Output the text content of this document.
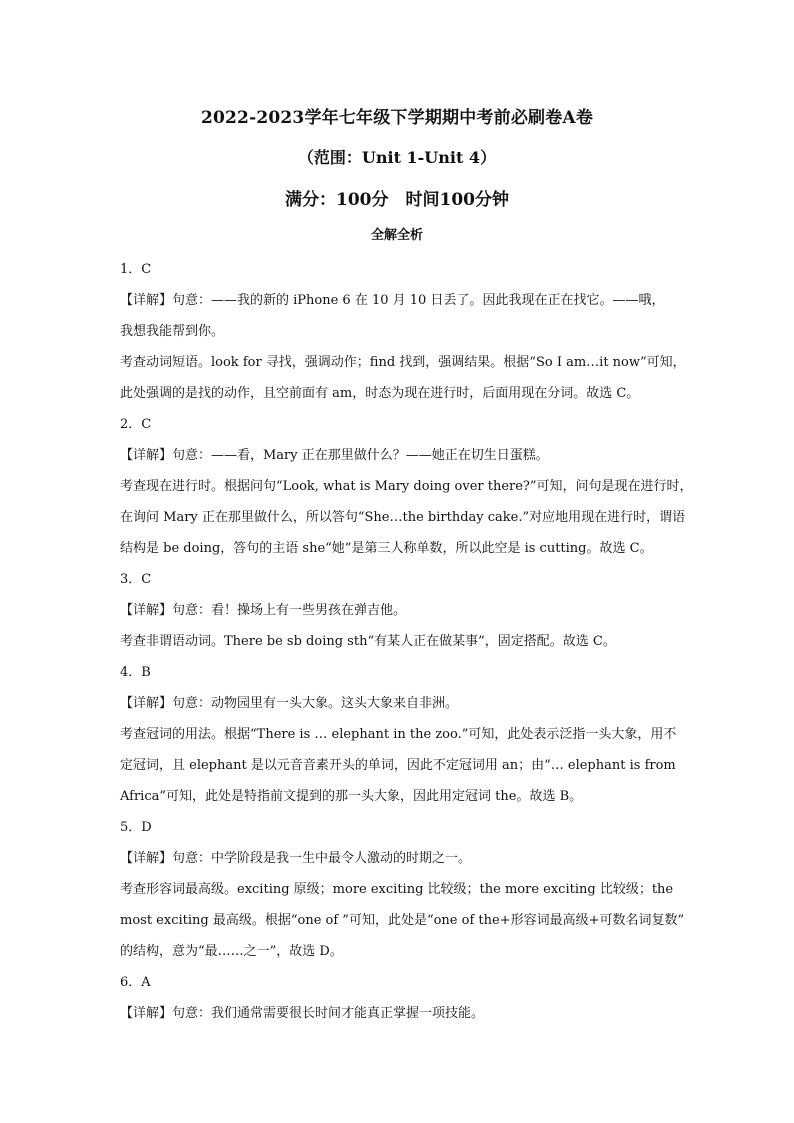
2022-2023学年七年级下学期期中考前必刷卷A卷
（范围：Unit 1-Unit 4）
满分：100分　时间100分钟
全解全析
1．C
【详解】句意：——我的新的 iPhone 6 在 10 月 10 日丢了。因此我现在正在找它。——哦，
我想我能帮到你。
考查动词短语。look for 寻找，强调动作；find 找到，强调结果。根据“So I am…it now”可知，
此处强调的是找的动作，且空前面有 am，时态为现在进行时，后面用现在分词。故选 C。
2．C
【详解】句意：——看，Mary 正在那里做什么？——她正在切生日蛋糕。
考查现在进行时。根据问句“Look, what is Mary doing over there?”可知，问句是现在进行时，
在询问 Mary 正在那里做什么，所以答句“She…the birthday cake.”对应地用现在进行时，谓语
结构是 be doing，答句的主语 she“她”是第三人称单数，所以此空是 is cutting。故选 C。
3．C
【详解】句意：看！操场上有一些男孩在弹吉他。
考查非谓语动词。There be sb doing sth“有某人正在做某事”，固定搭配。故选 C。
4．B
【详解】句意：动物园里有一头大象。这头大象来自非洲。
考查冠词的用法。根据“There is … elephant in the zoo.”可知，此处表示泛指一头大象，用不
定冠词，且 elephant 是以元音音素开头的单词，因此不定冠词用 an；由“… elephant is from
Africa”可知，此处是特指前文提到的那一头大象，因此用定冠词 the。故选 B。
5．D
【详解】句意：中学阶段是我一生中最令人激动的时期之一。
考查形容词最高级。exciting 原级；more exciting 比较级；the more exciting 比较级；the
most exciting 最高级。根据“one of ”可知，此处是“one of the+形容词最高级+可数名词复数”
的结构，意为“最……之一”，故选 D。
6．A
【详解】句意：我们通常需要很长时间才能真正掌握一项技能。
